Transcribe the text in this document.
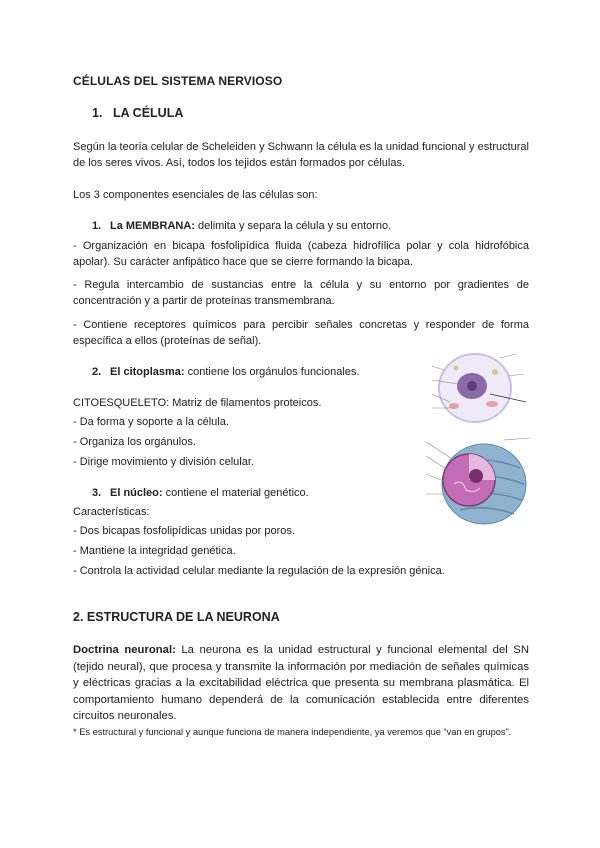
CÉLULAS DEL SISTEMA NERVIOSO

1. LA CÉLULA

Según la teoría celular de Scheleiden y Schwann la célula es la unidad funcional y estructural de los seres vivos. Así, todos los tejidos están formados por células.

Los 3 componentes esenciales de las células son:

1. La MEMBRANA: delimita y separa la célula y su entorno.

- Organización en bicapa fosfolipídica fluida (cabeza hidrofílica polar y cola hidrofóbica apolar). Su carácter anfipático hace que se cierre formando la bicapa.

- Regula intercambio de sustancias entre la célula y su entorno por gradientes de concentración y a partir de proteínas transmembrana.

- Contiene receptores químicos para percibir señales concretas y responder de forma específica a ellos (proteínas de señal).

2. El citoplasma: contiene los orgánulos funcionales.

CITOESQUELETO: Matriz de filamentos proteicos.

- Da forma y soporte a la célula.

- Organiza los orgánulos.

- Dirige movimiento y división celular.

3. El núcleo: contiene el material genético.

Características:

- Dos bicapas fosfolipídicas unidas por poros.

- Mantiene la integridad genética.

- Controla la actividad celular mediante la regulación de la expresión génica.

2. ESTRUCTURA DE LA NEURONA

Doctrina neuronal: La neurona es la unidad estructural y funcional elemental del SN (tejido neural), que procesa y transmite la información por mediación de señales químicas y eléctricas gracias a la excitabilidad eléctrica que presenta su membrana plasmática. El comportamiento humano dependerá de la comunicación establecida entre diferentes circuitos neuronales.

* Es estructural y funcional y aunque funciona de manera independiente, ya veremos que “van en grupos”.
